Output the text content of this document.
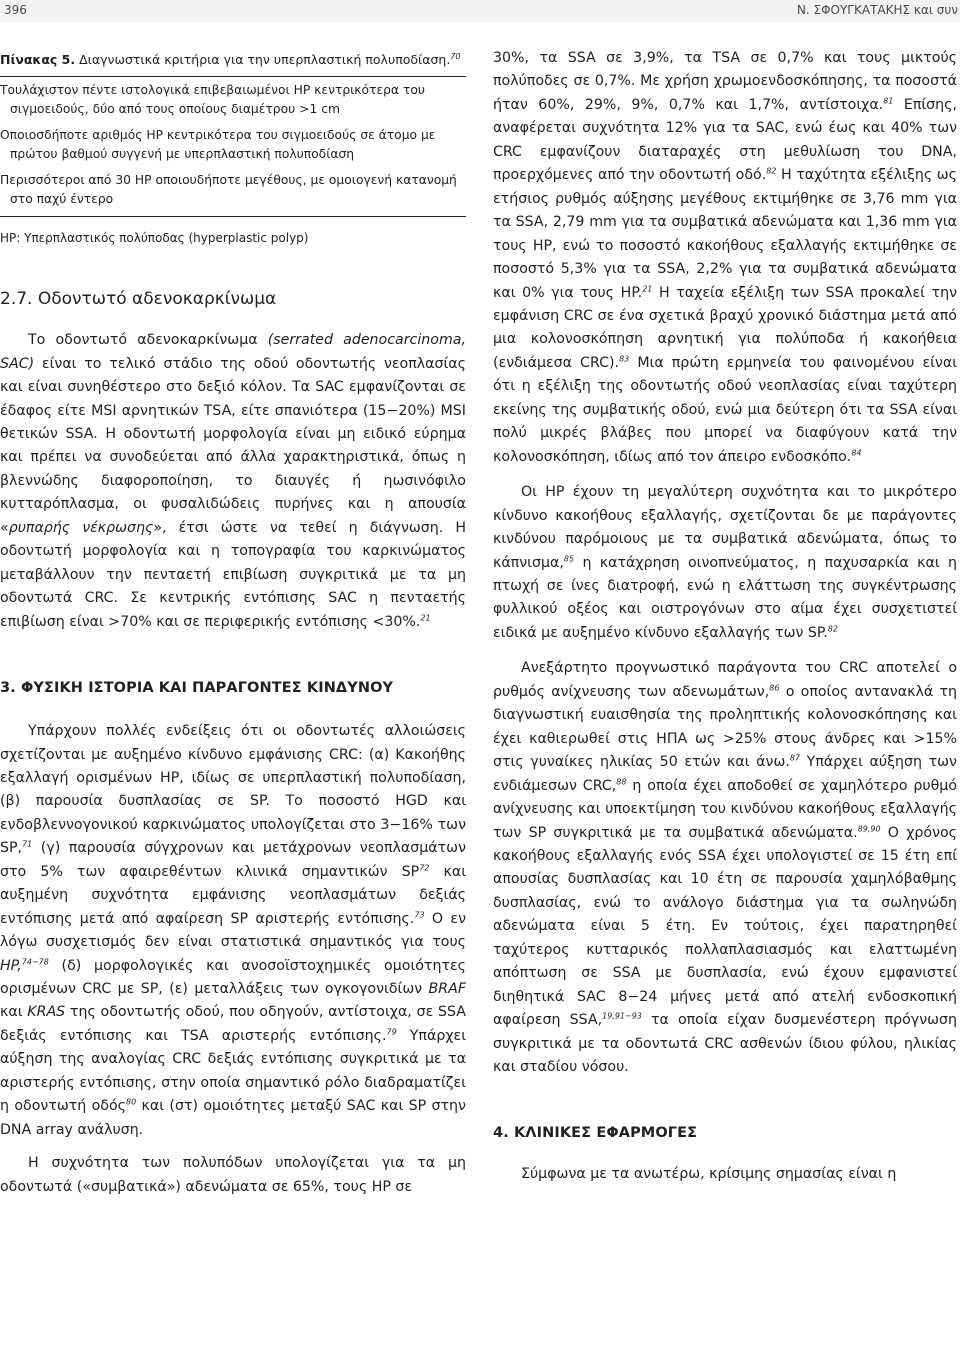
396	Ν. ΣΦΟΥΓΚΑΤΑΚΗΣ και συν
Πίνακας 5. Διαγνωστικά κριτήρια για την υπερπλαστική πολυποδίαση.$^{70}$

Τουλάχιστον πέντε ιστολογικά επιβεβαιωμένοι HP κεντρικότερα του σιγμοειδούς, δύο από τους οποίους διαμέτρου >1 cm

Οποιοσδήποτε αριθμός HP κεντρικότερα του σιγμοειδούς σε άτομο με πρώτου βαθμού συγγενή με υπερπλαστική πολυποδίαση

Περισσότεροι από 30 HP οποιουδήποτε μεγέθους, με ομοιογενή κατανομή στο παχύ έντερο

HP: Υπερπλαστικός πολύποδας (hyperplastic polyp)

2.7. Οδοντωτό αδενοκαρκίνωμα

Το οδοντωτό αδενοκαρκίνωμα (serrated adenocarcinoma, SAC) είναι το τελικό στάδιο της οδού οδοντωτής νεοπλασίας και είναι συνηθέστερο στο δεξιό κόλον. Τα SAC εμφανίζονται σε έδαφος είτε MSI αρνητικών TSA, είτε σπανιότερα (15−20%) MSI θετικών SSA. Η οδοντωτή μορφολογία είναι μη ειδικό εύρημα και πρέπει να συνοδεύεται από άλλα χαρακτηριστικά, όπως η βλεννώδης διαφοροποίηση, το διαυγές ή ηωσινόφιλο κυτταρόπλασμα, οι φυσαλιδώδεις πυρήνες και η απουσία «ρυπαρής νέκρωσης», έτσι ώστε να τεθεί η διάγνωση. Η οδοντωτή μορφολογία και η τοπογραφία του καρκινώματος μεταβάλλουν την πενταετή επιβίωση συγκριτικά με τα μη οδοντωτά CRC. Σε κεντρικής εντόπισης SAC η πενταετής επιβίωση είναι >70% και σε περιφερικής εντόπισης <30%.$^{21}$

3. ΦΥΣΙΚΗ ΙΣΤΟΡΙΑ ΚΑΙ ΠΑΡΑΓΟΝΤΕΣ ΚΙΝΔΥΝΟΥ

Υπάρχουν πολλές ενδείξεις ότι οι οδοντωτές αλλοιώσεις σχετίζονται με αυξημένο κίνδυνο εμφάνισης CRC: (α) Κακοήθης εξαλλαγή ορισμένων HP, ιδίως σε υπερπλαστική πολυποδίαση, (β) παρουσία δυσπλασίας σε SP. Το ποσοστό HGD και ενδοβλεννογονικού καρκινώματος υπολογίζεται στο 3−16% των SP,$^{71}$ (γ) παρουσία σύγχρονων και μετάχρονων νεοπλασμάτων στο 5% των αφαιρεθέντων κλινικά σημαντικών SP$^{72}$ και αυξημένη συχνότητα εμφάνισης νεοπλασμάτων δεξιάς εντόπισης μετά από αφαίρεση SP αριστερής εντόπισης.$^{73}$ Ο εν λόγω συσχετισμός δεν είναι στατιστικά σημαντικός για τους HP,$^{74-78}$ (δ) μορφολογικές και ανοσοϊστοχημικές ομοιότητες ορισμένων CRC με SP, (ε) μεταλλάξεις των ογκογονιδίων BRAF και KRAS της οδοντωτής οδού, που οδηγούν, αντίστοιχα, σε SSA δεξιάς εντόπισης και TSA αριστερής εντόπισης.$^{79}$ Υπάρχει αύξηση της αναλογίας CRC δεξιάς εντόπισης συγκριτικά με τα αριστερής εντόπισης, στην οποία σημαντικό ρόλο διαδραματίζει η οδοντωτή οδός$^{80}$ και (στ) ομοιότητες μεταξύ SAC και SP στην DNA array ανάλυση.

Η συχνότητα των πολυπόδων υπολογίζεται για τα μη οδοντωτά («συμβατικά») αδενώματα σε 65%, τους HP σε

30%, τα SSA σε 3,9%, τα TSA σε 0,7% και τους μικτούς πολύποδες σε 0,7%. Με χρήση χρωμοενδοσκόπησης, τα ποσοστά ήταν 60%, 29%, 9%, 0,7% και 1,7%, αντίστοιχα.$^{81}$ Επίσης, αναφέρεται συχνότητα 12% για τα SAC, ενώ έως και 40% των CRC εμφανίζουν διαταραχές στη μεθυλίωση του DNA, προερχόμενες από την οδοντωτή οδό.$^{82}$ Η ταχύτητα εξέλιξης ως ετήσιος ρυθμός αύξησης μεγέθους εκτιμήθηκε σε 3,76 mm για τα SSA, 2,79 mm για τα συμβατικά αδενώματα και 1,36 mm για τους HP, ενώ το ποσοστό κακοήθους εξαλλαγής εκτιμήθηκε σε ποσοστό 5,3% για τα SSA, 2,2% για τα συμβατικά αδενώματα και 0% για τους HP.$^{21}$ Η ταχεία εξέλιξη των SSA προκαλεί την εμφάνιση CRC σε ένα σχετικά βραχύ χρονικό διάστημα μετά από μια κολονοσκόπηση αρνητική για πολύποδα ή κακοήθεια (ενδιάμεσα CRC).$^{83}$ Μια πρώτη ερμηνεία του φαινομένου είναι ότι η εξέλιξη της οδοντωτής οδού νεοπλασίας είναι ταχύτερη εκείνης της συμβατικής οδού, ενώ μια δεύτερη ότι τα SSA είναι πολύ μικρές βλάβες που μπορεί να διαφύγουν κατά την κολονοσκόπηση, ιδίως από τον άπειρο ενδοσκόπο.$^{84}$

Οι HP έχουν τη μεγαλύτερη συχνότητα και το μικρότερο κίνδυνο κακοήθους εξαλλαγής, σχετίζονται δε με παράγοντες κινδύνου παρόμοιους με τα συμβατικά αδενώματα, όπως το κάπνισμα,$^{85}$ η κατάχρηση οινοπνεύματος, η παχυσαρκία και η πτωχή σε ίνες διατροφή, ενώ η ελάττωση της συγκέντρωσης φυλλικού οξέος και οιστρογόνων στο αίμα έχει συσχετιστεί ειδικά με αυξημένο κίνδυνο εξαλλαγής των SP.$^{82}$

Ανεξάρτητο προγνωστικό παράγοντα του CRC αποτελεί ο ρυθμός ανίχνευσης των αδενωμάτων,$^{86}$ ο οποίος αντανακλά τη διαγνωστική ευαισθησία της προληπτικής κολονοσκόπησης και έχει καθιερωθεί στις ΗΠΑ ως >25% στους άνδρες και >15% στις γυναίκες ηλικίας 50 ετών και άνω.$^{87}$ Υπάρχει αύξηση των ενδιάμεσων CRC,$^{88}$ η οποία έχει αποδοθεί σε χαμηλότερο ρυθμό ανίχνευσης και υποεκτίμηση του κινδύνου κακοήθους εξαλλαγής των SP συγκριτικά με τα συμβατικά αδενώματα.$^{89,90}$ Ο χρόνος κακοήθους εξαλλαγής ενός SSA έχει υπολογιστεί σε 15 έτη επί απουσίας δυσπλασίας και 10 έτη σε παρουσία χαμηλόβαθμης δυσπλασίας, ενώ το ανάλογο διάστημα για τα σωληνώδη αδενώματα είναι 5 έτη. Εν τούτοις, έχει παρατηρηθεί ταχύτερος κυτταρικός πολλαπλασιασμός και ελαττωμένη απόπτωση σε SSA με δυσπλασία, ενώ έχουν εμφανιστεί διηθητικά SAC 8−24 μήνες μετά από ατελή ενδοσκοπική αφαίρεση SSA,$^{19,91-93}$ τα οποία είχαν δυσμενέστερη πρόγνωση συγκριτικά με τα οδοντωτά CRC ασθενών ίδιου φύλου, ηλικίας και σταδίου νόσου.

4. ΚΛΙΝΙΚΕΣ ΕΦΑΡΜΟΓΕΣ

Σύμφωνα με τα ανωτέρω, κρίσιμης σημασίας είναι η
